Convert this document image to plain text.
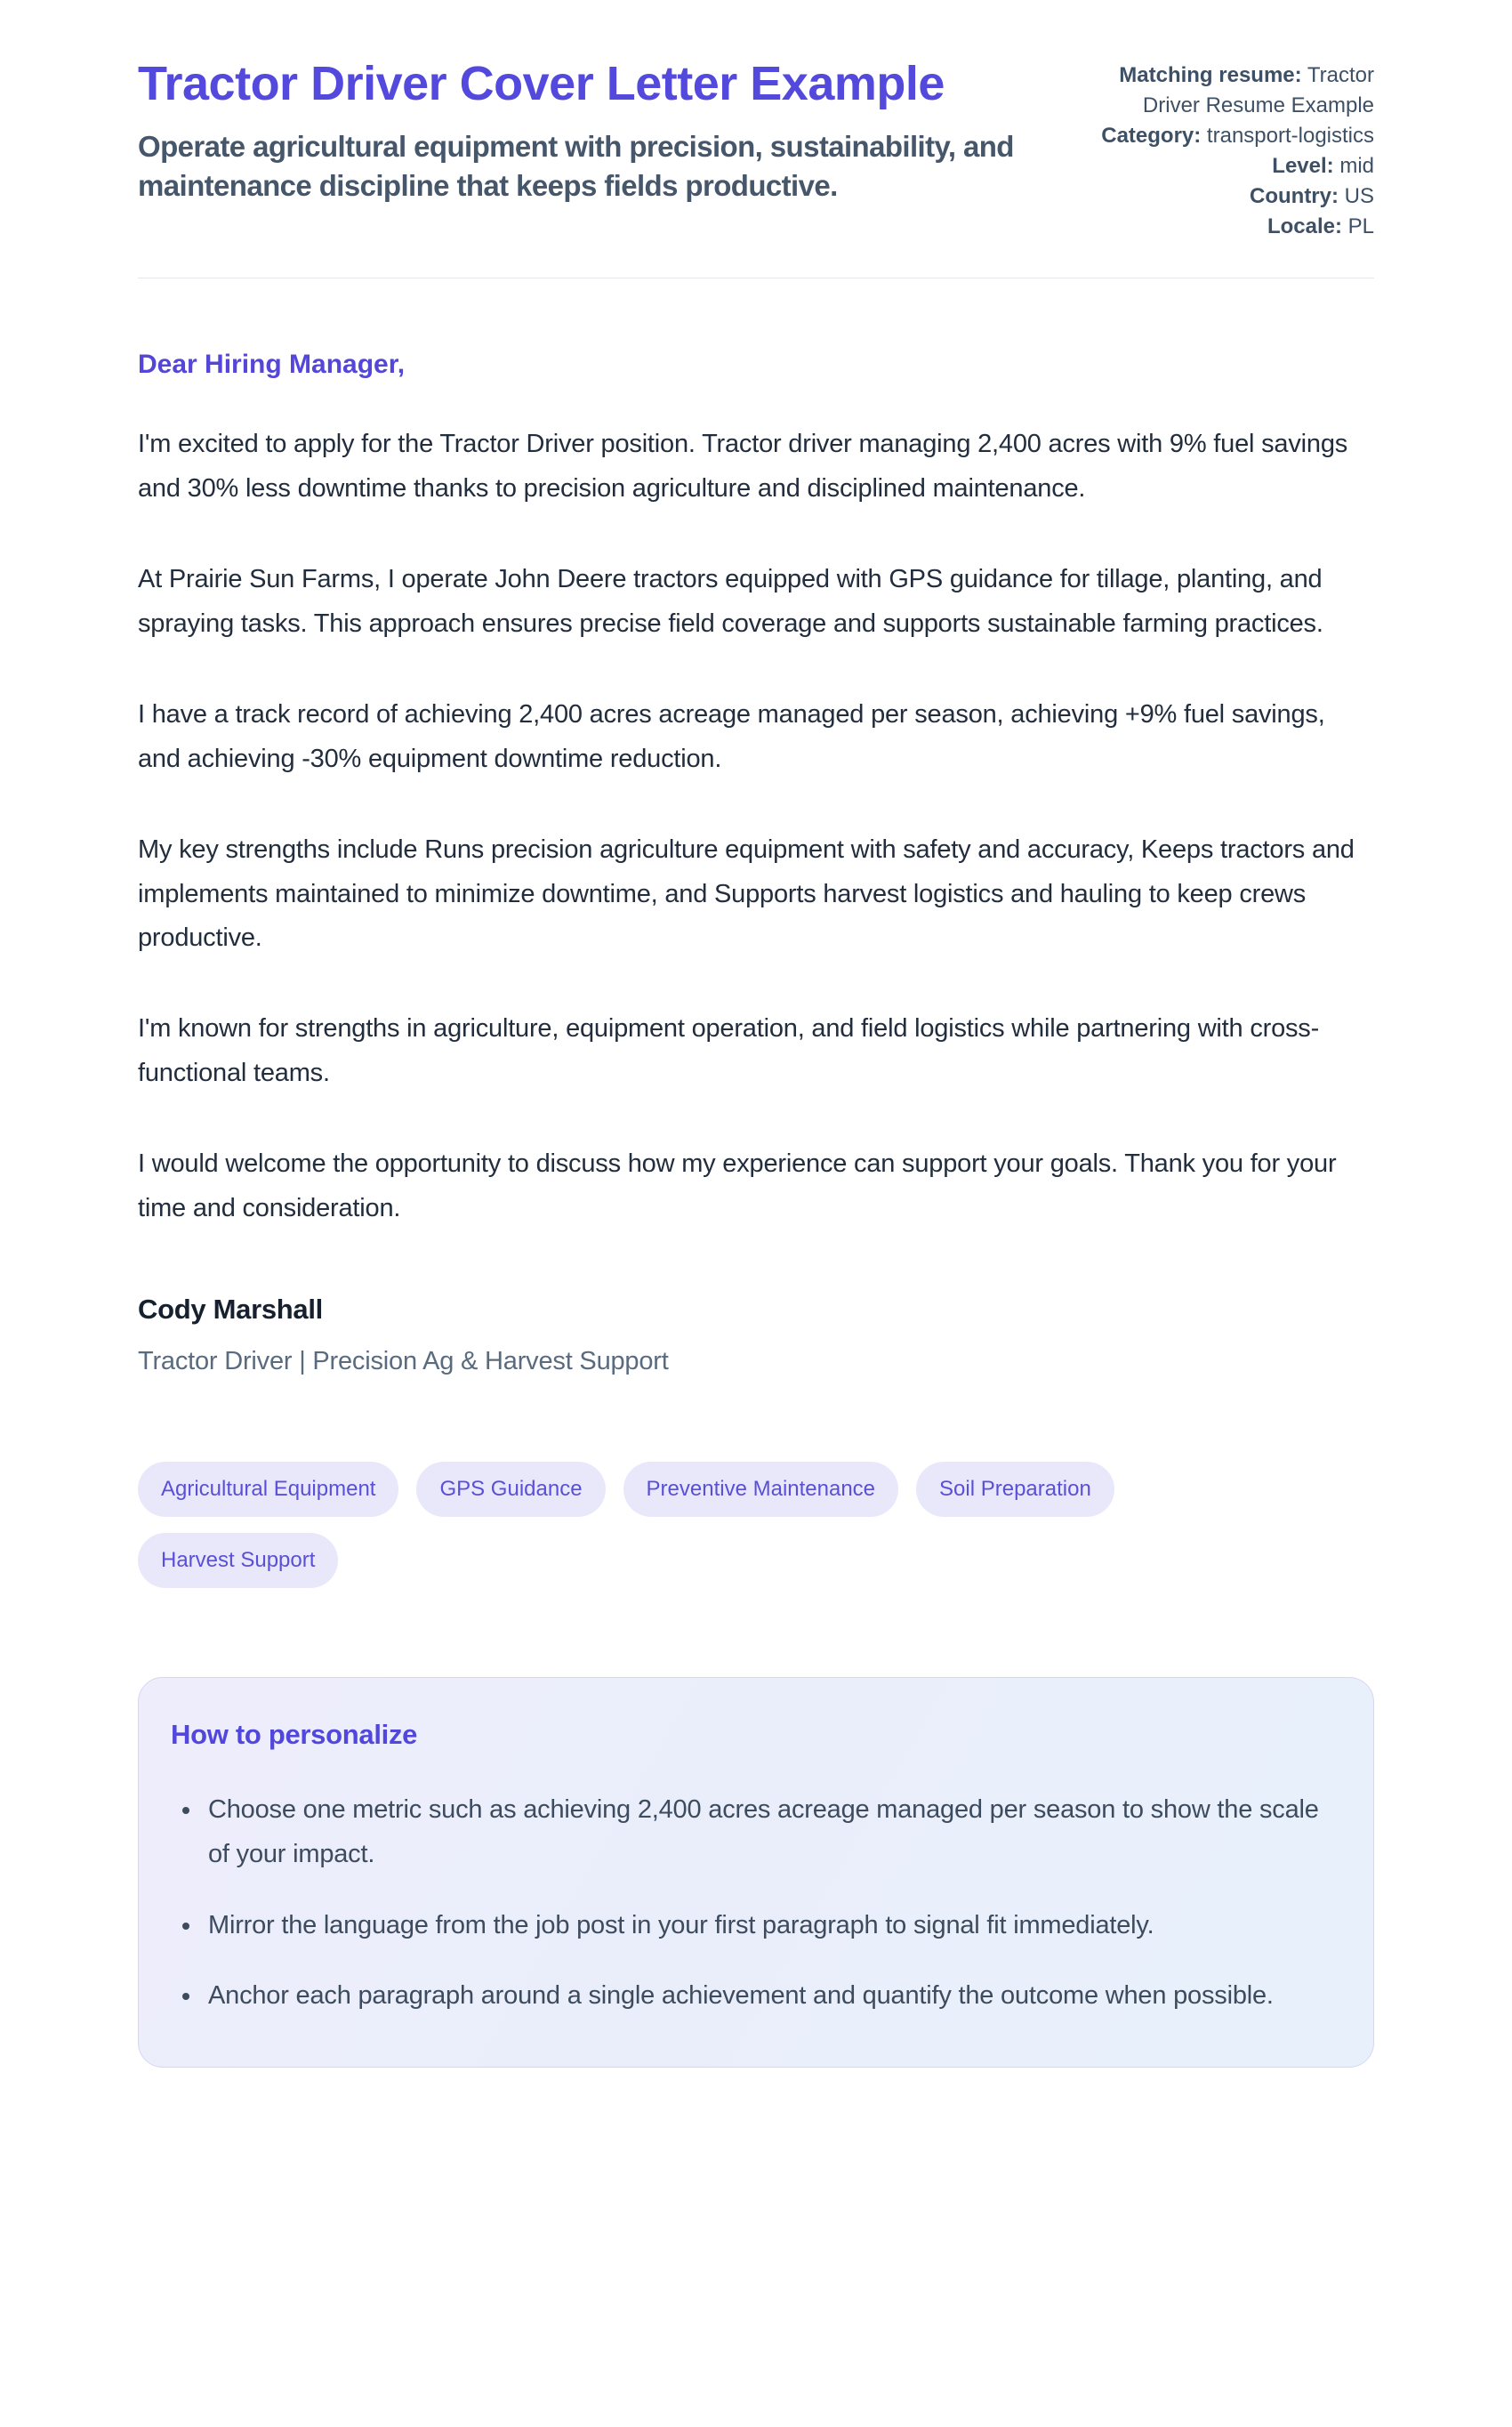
Tractor Driver Cover Letter Example

Operate agricultural equipment with precision, sustainability, and maintenance discipline that keeps fields productive.

Matching resume: Tractor Driver Resume Example
Category: transport-logistics
Level: mid
Country: US
Locale: PL

Dear Hiring Manager,

I'm excited to apply for the Tractor Driver position. Tractor driver managing 2,400 acres with 9% fuel savings and 30% less downtime thanks to precision agriculture and disciplined maintenance.

At Prairie Sun Farms, I operate John Deere tractors equipped with GPS guidance for tillage, planting, and spraying tasks. This approach ensures precise field coverage and supports sustainable farming practices.

I have a track record of achieving 2,400 acres acreage managed per season, achieving +9% fuel savings, and achieving -30% equipment downtime reduction.

My key strengths include Runs precision agriculture equipment with safety and accuracy, Keeps tractors and implements maintained to minimize downtime, and Supports harvest logistics and hauling to keep crews productive.

I'm known for strengths in agriculture, equipment operation, and field logistics while partnering with cross-functional teams.

I would welcome the opportunity to discuss how my experience can support your goals. Thank you for your time and consideration.

Cody Marshall

Tractor Driver | Precision Ag & Harvest Support

Agricultural Equipment	GPS Guidance	Preventive Maintenance	Soil Preparation
Harvest Support
How to personalize
• Choose one metric such as achieving 2,400 acres acreage managed per season to show the scale of your impact.
• Mirror the language from the job post in your first paragraph to signal fit immediately.
• Anchor each paragraph around a single achievement and quantify the outcome when possible.
